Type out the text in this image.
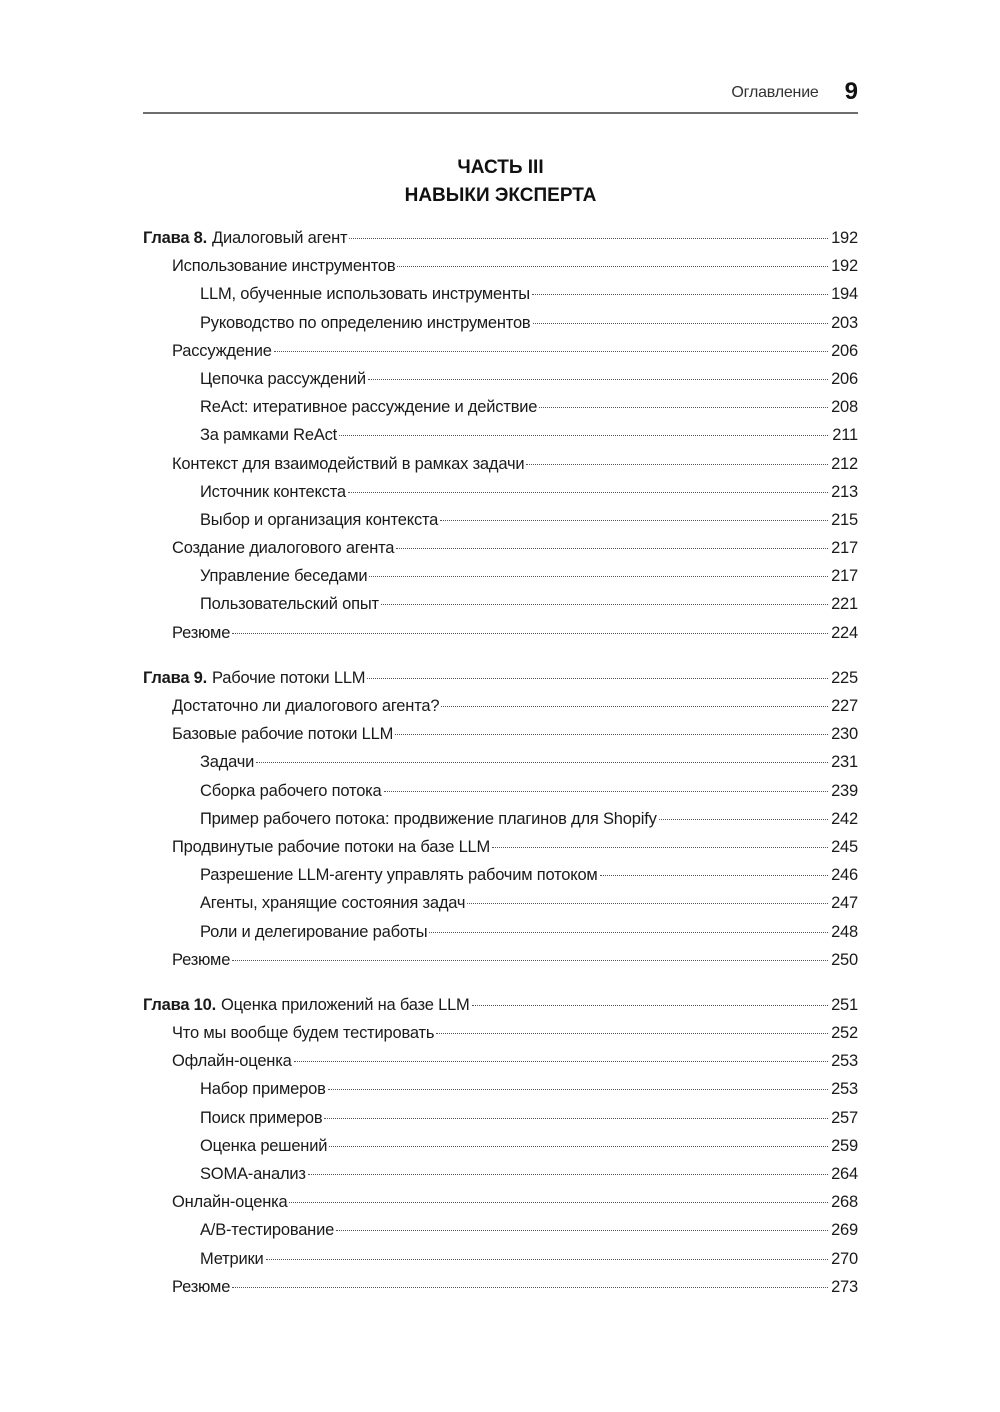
Оглавление 9
ЧАСТЬ III
НАВЫКИ ЭКСПЕРТА
Глава 8. Диалоговый агент	192
Использование инструментов	192
LLM, обученные использовать инструменты	194
Руководство по определению инструментов	203
Рассуждение	206
Цепочка рассуждений	206
ReAct: итеративное рассуждение и действие	208
За рамками ReAct	211
Контекст для взаимодействий в рамках задачи	212
Источник контекста	213
Выбор и организация контекста	215
Создание диалогового агента	217
Управление беседами	217
Пользовательский опыт	221
Резюме	224
Глава 9. Рабочие потоки LLM	225
Достаточно ли диалогового агента?	227
Базовые рабочие потоки LLM	230
Задачи	231
Сборка рабочего потока	239
Пример рабочего потока: продвижение плагинов для Shopify	242
Продвинутые рабочие потоки на базе LLM	245
Разрешение LLM-агенту управлять рабочим потоком	246
Агенты, хранящие состояния задач	247
Роли и делегирование работы	248
Резюме	250
Глава 10. Оценка приложений на базе LLM	251
Что мы вообще будем тестировать	252
Офлайн-оценка	253
Набор примеров	253
Поиск примеров	257
Оценка решений	259
SOMA-анализ	264
Онлайн-оценка	268
A/B-тестирование	269
Метрики	270
Резюме	273
